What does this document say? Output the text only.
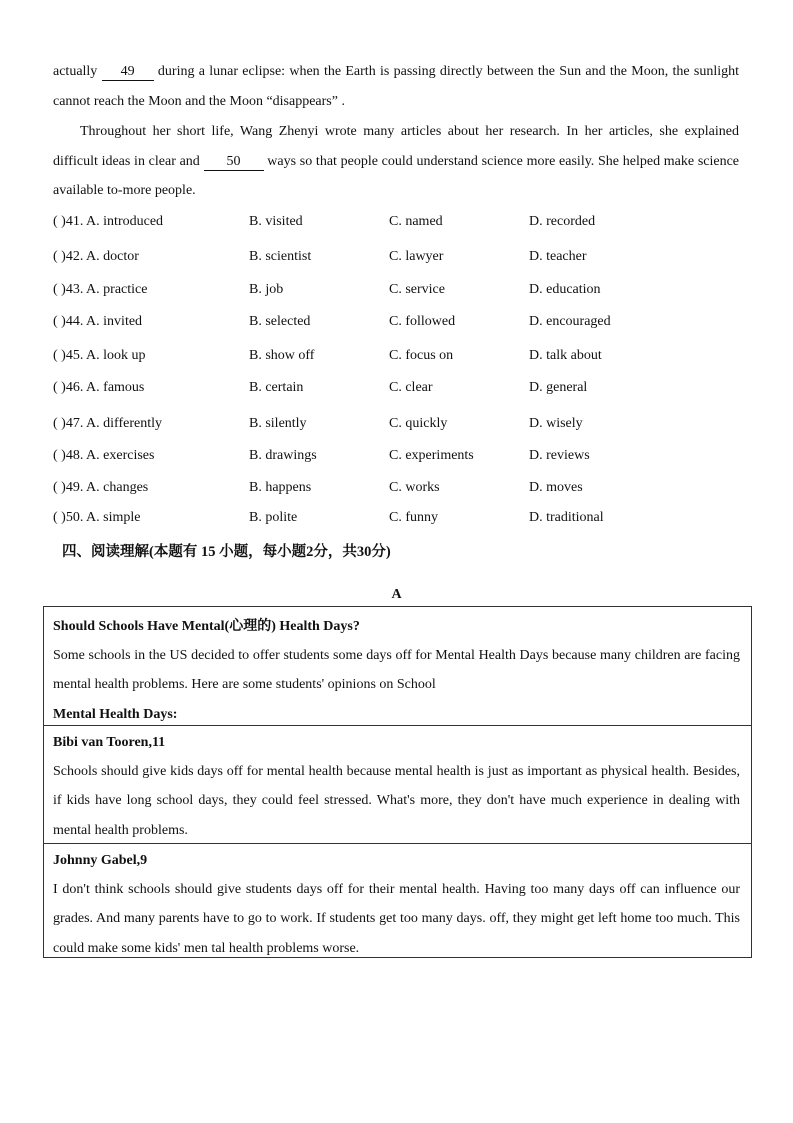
actually 49 during a lunar eclipse: when the Earth is passing directly between the Sun and the Moon, the sunlight cannot reach the Moon and the Moon “disappears” .
Throughout her short life, Wang Zhenyi wrote many articles about her research. In her articles, she explained difficult ideas in clear and 50 ways so that people could understand science more easily. She helped make science available to-more people.
( )41. A. introduced	B. visited	C. named	D. recorded
( )42. A. doctor	B. scientist	C. lawyer	D. teacher
( )43. A. practice	B. job	C. service	D. education
( )44. A. invited	B. selected	C. followed	D. encouraged
( )45. A. look up	B. show off	C. focus on	D. talk about
( )46. A. famous	B. certain	C. clear	D. general
( )47. A. differently	B. silently	C. quickly	D. wisely
( )48. A. exercises	B. drawings	C. experiments	D. reviews
( )49. A. changes	B. happens	C. works	D. moves
( )50. A. simple	B. polite	C. funny	D. traditional
四、阅读理解(本题有 15 小题，每小题2分，共30分)
A
Should Schools Have Mental(心理的) Health Days?
Some schools in the US decided to offer students some days off for Mental Health Days because many children are facing mental health problems. Here are some students' opinions on School
Mental Health Days:
Bibi van Tooren,11
Schools should give kids days off for mental health because mental health is just as important as physical health. Besides, if kids have long school days, they could feel stressed. What's more, they don't have much experience in dealing with mental health problems.
Johnny Gabel,9
I don't think schools should give students days off for their mental health. Having too many days off can influence our grades. And many parents have to go to work. If students get too many days. off, they might get left home too much. This could make some kids' men tal health problems worse.
